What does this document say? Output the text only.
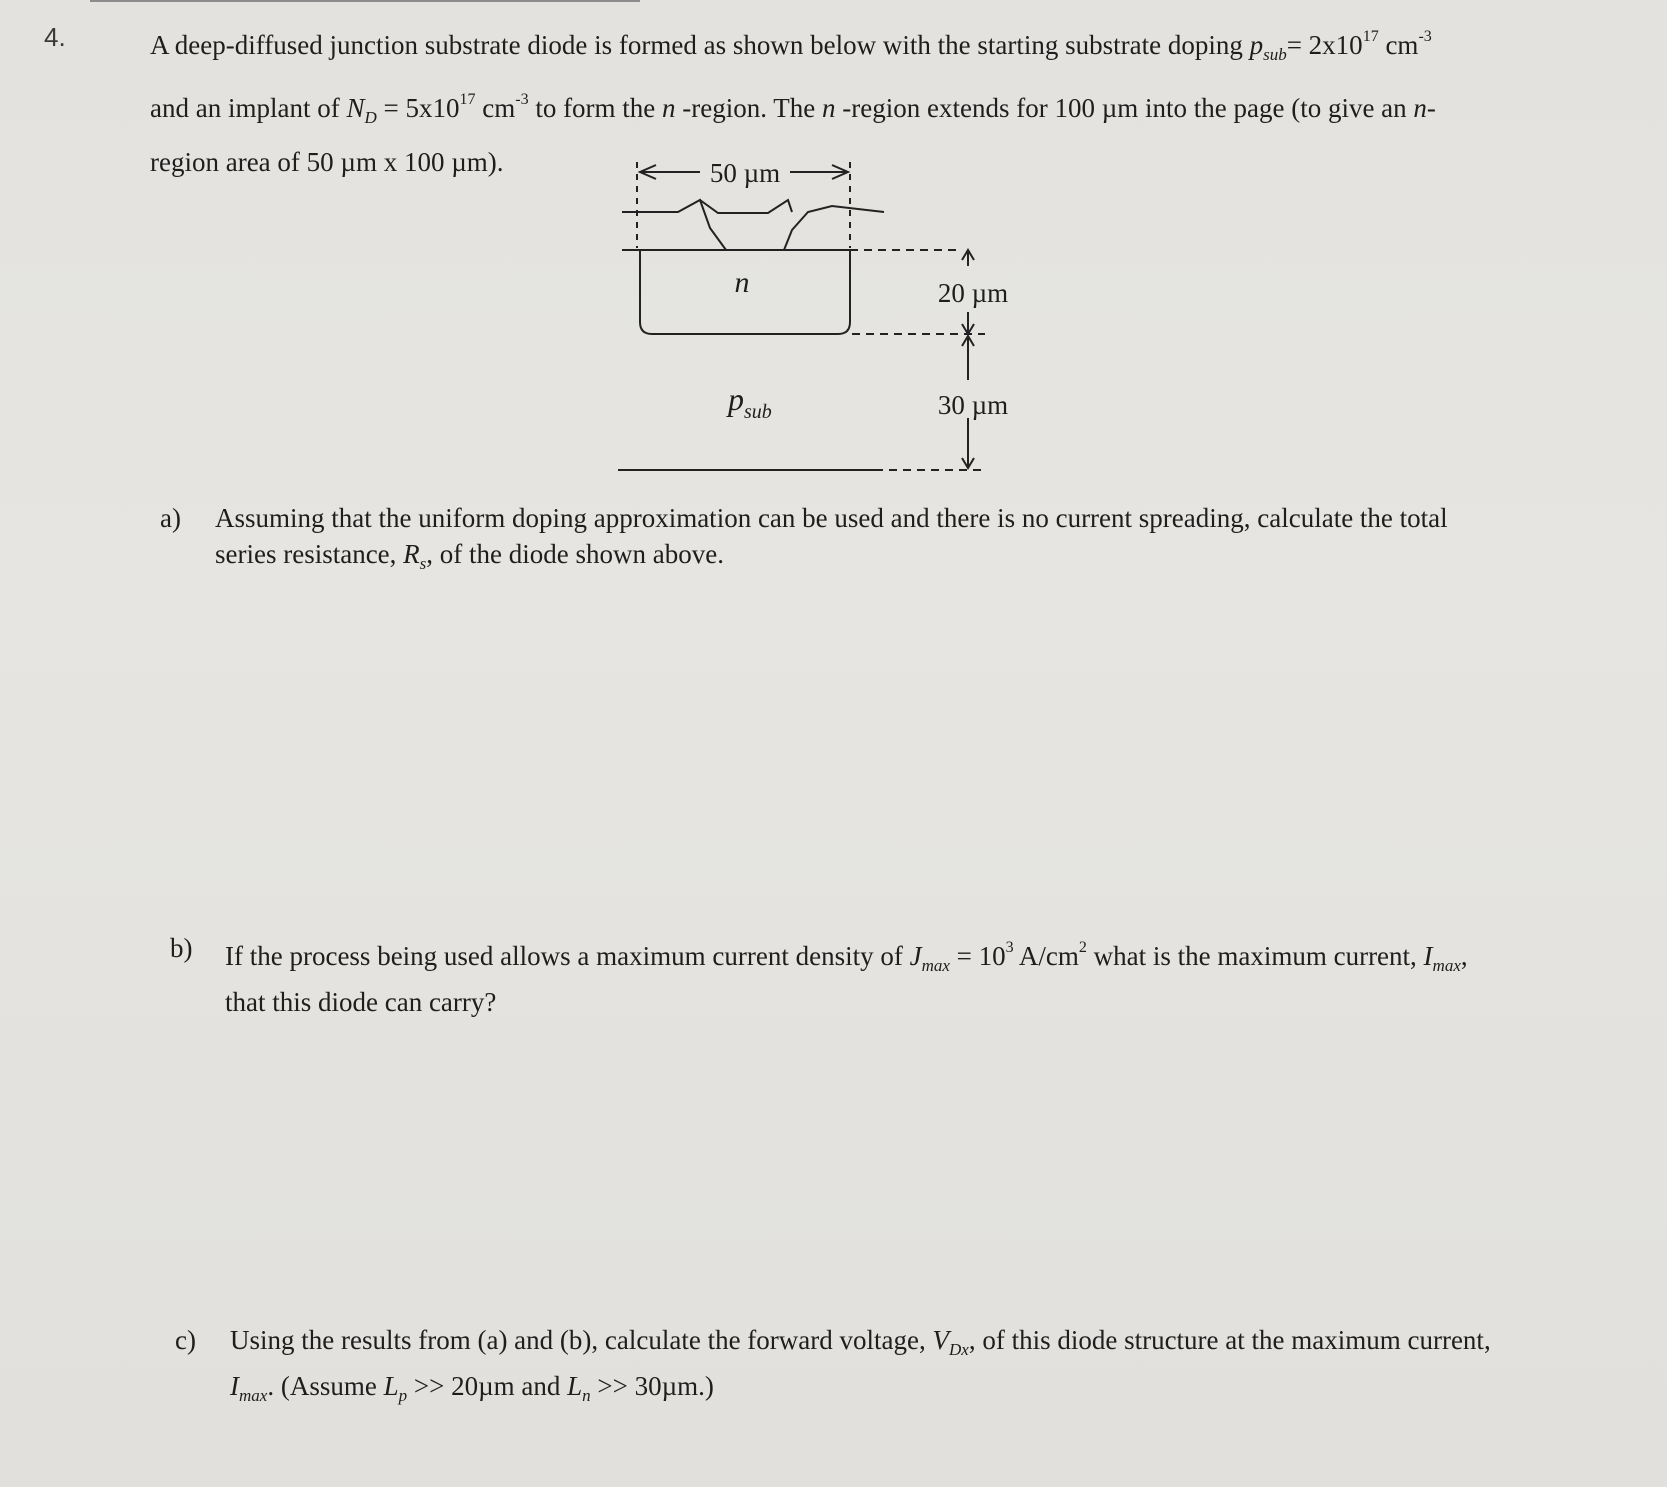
4.	A deep-diffused junction substrate diode is formed as shown below with the starting substrate doping $p_{sub}= 2x10^{17}$ $cm^{-3}$
and an implant of $N_D = 5x10^{17}$ $cm^{-3}$ to form the n -region. The n -region extends for 100 µm into the page (to give an n-
region area of 50 µm x 100 µm).	50 µm
n	20 µm
30 µm
$p_{sub}$
a) Assuming that the uniform doping approximation can be used and there is no current spreading, calculate the total
series resistance, $R_s$, of the diode shown above.
b) If the process being used allows a maximum current density of $J_{max} = 10^3$ $A/cm^2$ what is the maximum current, $I_{max}$,
that this diode can carry?
c) Using the results from (a) and (b), calculate the forward voltage, $V_{Dx}$, of this diode structure at the maximum current,
$I_{max}$. (Assume $L_p >> 20\mu m$ and $L_n >> 30\mu m$.)
